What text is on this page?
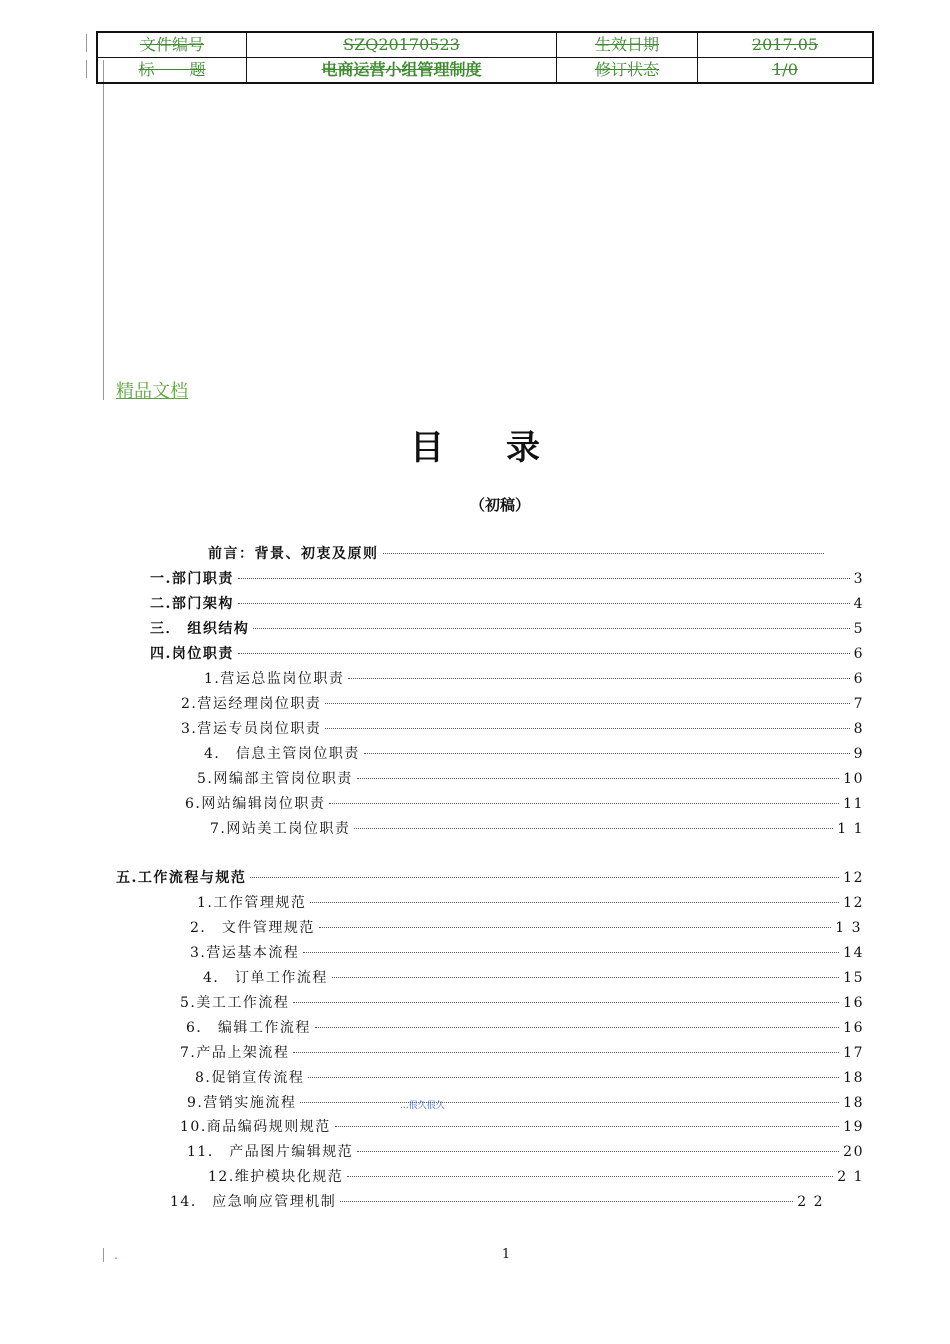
文件编号	SZQ20170523	生效日期	2017.05
标 题	电商运营小组管理制度	修订状态	1/0
精品文档
目录
（初稿）
前言：背景、初衷及原则
一.部门职责	3
二.部门架构	4
三． 组织结构	5
四.岗位职责	6
1.营运总监岗位职责	6
2.营运经理岗位职责	7
3.营运专员岗位职责	8
4． 信息主管岗位职责	9
5.网编部主管岗位职责	10
6.网站编辑岗位职责	11
7.网站美工岗位职责	1 1
五.工作流程与规范	12
1.工作管理规范	12
2． 文件管理规范	1 3
3.营运基本流程	14
4． 订单工作流程	15
5.美工工作流程	16
6． 编辑工作流程	16
7.产品上架流程	17
8.促销宣传流程	18
9.营销实施流程	18
10.商品编码规则规范	19
11． 产品图片编辑规范	20
12.维护模块化规范	2 1
14． 应急响应管理机制	2 2
...很久很久
.	1
